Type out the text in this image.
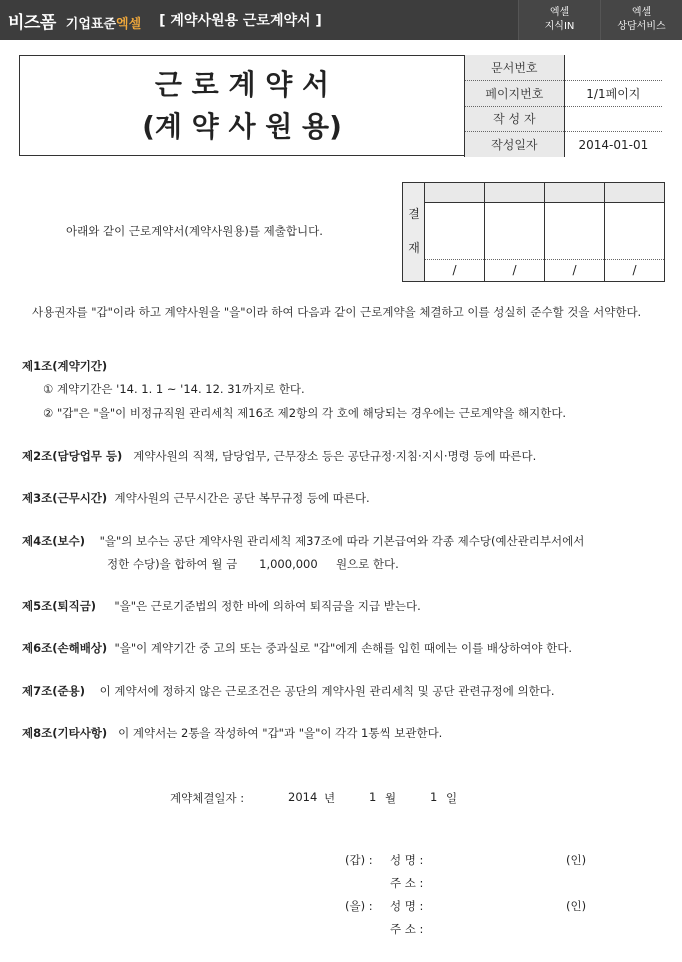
비즈폼 기업표준엑셀 [ 계약사원용 근로계약서 ]
엑셀
지식IN
엑셀
상담서비스
근 로 계 약 서
(계 약 사 원 용)
문서번호	
페이지번호	1/1페이지
작 성 자	
작성일자	2014-01-01
결
재
/	/	/	/
아래와 같이 근로계약서(계약사원용)를 제출합니다.
사용권자를 "갑"이라 하고 계약사원을 "을"이라 하여 다음과 같이 근로계약을 체결하고 이를 성실히 준수할 것을 서약한다.
제1조(계약기간)
① 계약기간은 '14. 1. 1 ~ '14. 12. 31까지로 한다.
② "갑"은 "을"이 비정규직원 관리세칙 제16조 제2항의 각 호에 해당되는 경우에는 근로계약을 해지한다.
제2조(담당업무 등) 계약사원의 직책, 담당업무, 근무장소 등은 공단규정·지침·지시·명령 등에 따른다.
제3조(근무시간) 계약사원의 근무시간은 공단 복무규정 등에 따른다.
제4조(보수) "을"의 보수는 공단 계약사원 관리세칙 제37조에 따라 기본급여와 각종 제수당(예산관리부서에서
정한 수당)을 합하여 월 금 1,000,000 원으로 한다.
제5조(퇴직금) "을"은 근로기준법의 정한 바에 의하여 퇴직금을 지급 받는다.
제6조(손해배상) "을"이 계약기간 중 고의 또는 중과실로 "갑"에게 손해를 입힌 때에는 이를 배상하여야 한다.
제7조(준용) 이 계약서에 정하지 않은 근로조건은 공단의 계약사원 관리세칙 및 공단 관련규정에 의한다.
제8조(기타사항) 이 계약서는 2통을 작성하여 "갑"과 "을"이 각각 1통씩 보관한다.
계약체결일자 :	2014 년	1 월	1 일
(갑) : 성 명 :	(인)
주 소 :
(을) : 성 명 :	(인)
주 소 :
